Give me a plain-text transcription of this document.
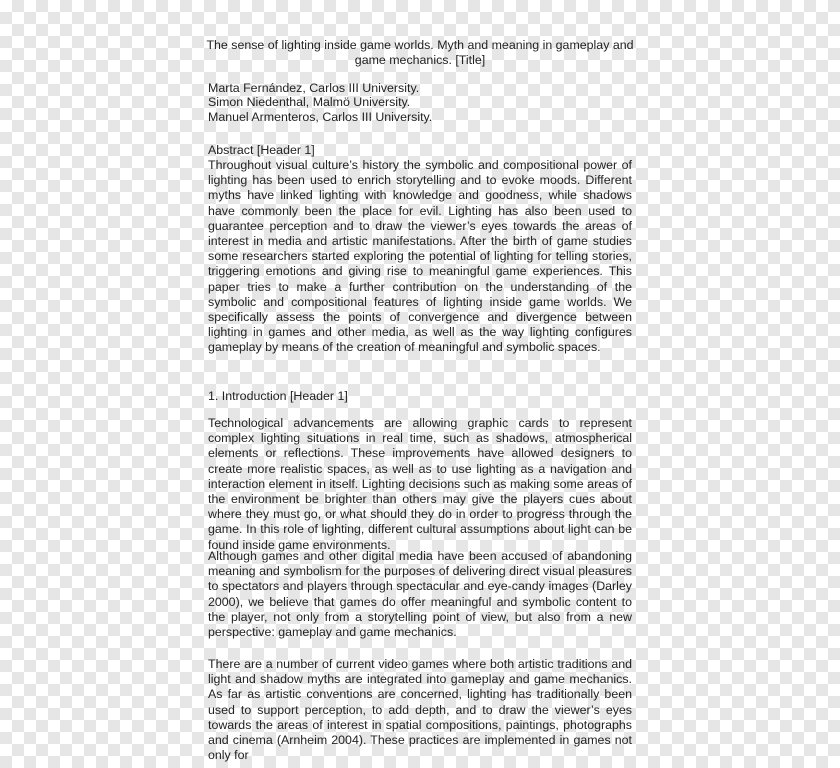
The sense of lighting inside game worlds. Myth and meaning in gameplay and game mechanics. [Title]
Marta Fernández, Carlos III University.
Simon Niedenthal, Malmö University.
Manuel Armenteros, Carlos III University.
Abstract [Header 1]
Throughout visual culture’s history the symbolic and compositional power of lighting has been used to enrich storytelling and to evoke moods. Different myths have linked lighting with knowledge and goodness, while shadows have commonly been the place for evil. Lighting has also been used to guarantee perception and to draw the viewer’s eyes towards the areas of interest in media and artistic manifestations. After the birth of game studies some researchers started exploring the potential of lighting for telling stories, triggering emotions and giving rise to meaningful game experiences. This paper tries to make a further contribution on the understanding of the symbolic and compositional features of lighting inside game worlds. We specifically assess the points of convergence and divergence between lighting in games and other media, as well as the way lighting configures gameplay by means of the creation of meaningful and symbolic spaces.
1. Introduction [Header 1]
Technological advancements are allowing graphic cards to represent complex lighting situations in real time, such as shadows, atmospherical elements or reflections. These improvements have allowed designers to create more realistic spaces, as well as to use lighting as a navigation and interaction element in itself. Lighting decisions such as making some areas of the environment be brighter than others may give the players cues about where they must go, or what should they do in order to progress through the game. In this role of lighting, different cultural assumptions about light can be found inside game environments.
Although games and other digital media have been accused of abandoning meaning and symbolism for the purposes of delivering direct visual pleasures to spectators and players through spectacular and eye-candy images (Darley 2000), we believe that games do offer meaningful and symbolic content to the player, not only from a storytelling point of view, but also from a new perspective: gameplay and game mechanics.
There are a number of current video games where both artistic traditions and light and shadow myths are integrated into gameplay and game mechanics. As far as artistic conventions are concerned, lighting has traditionally been used to support perception, to add depth, and to draw the viewer’s eyes towards the areas of interest in spatial compositions, paintings, photographs and cinema (Arnheim 2004). These practices are implemented in games not only for
